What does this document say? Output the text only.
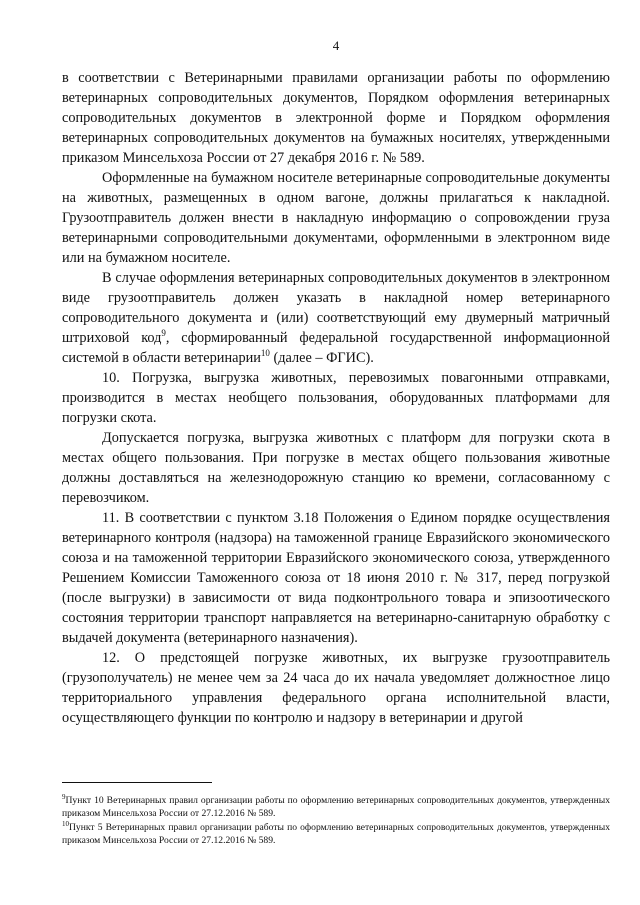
4

в соответствии с Ветеринарными правилами организации работы по оформлению ветеринарных сопроводительных документов, Порядком оформления ветеринарных сопроводительных документов в электронной форме и Порядком оформления ветеринарных сопроводительных документов на бумажных носителях, утвержденными приказом Минсельхоза России от 27 декабря 2016 г. № 589.

Оформленные на бумажном носителе ветеринарные сопроводительные документы на животных, размещенных в одном вагоне, должны прилагаться к накладной. Грузоотправитель должен внести в накладную информацию о сопровождении груза ветеринарными сопроводительными документами, оформленными в электронном виде или на бумажном носителе.

В случае оформления ветеринарных сопроводительных документов в электронном виде грузоотправитель должен указать в накладной номер ветеринарного сопроводительного документа и (или) соответствующий ему двумерный матричный штриховой код$^9$, сформированный федеральной государственной информационной системой в области ветеринарии$^{10}$ (далее – ФГИС).

10. Погрузка, выгрузка животных, перевозимых повагонными отправками, производится в местах необщего пользования, оборудованных платформами для погрузки скота.

Допускается погрузка, выгрузка животных с платформ для погрузки скота в местах общего пользования. При погрузке в местах общего пользования животные должны доставляться на железнодорожную станцию ко времени, согласованному с перевозчиком.

11. В соответствии с пунктом 3.18 Положения о Едином порядке осуществления ветеринарного контроля (надзора) на таможенной границе Евразийского экономического союза и на таможенной территории Евразийского экономического союза, утвержденного Решением Комиссии Таможенного союза от 18 июня 2010 г. № 317, перед погрузкой (после выгрузки) в зависимости от вида подконтрольного товара и эпизоотического состояния территории транспорт направляется на ветеринарно-санитарную обработку с выдачей документа (ветеринарного назначения).

12. О предстоящей погрузке животных, их выгрузке грузоотправитель (грузополучатель) не менее чем за 24 часа до их начала уведомляет должностное лицо территориального управления федерального органа исполнительной власти, осуществляющего функции по контролю и надзору в ветеринарии и другой

$^9$Пункт 10 Ветеринарных правил организации работы по оформлению ветеринарных сопроводительных документов, утвержденных приказом Минсельхоза России от 27.12.2016 № 589.

$^{10}$Пункт 5 Ветеринарных правил организации работы по оформлению ветеринарных сопроводительных документов, утвержденных приказом Минсельхоза России от 27.12.2016 № 589.
